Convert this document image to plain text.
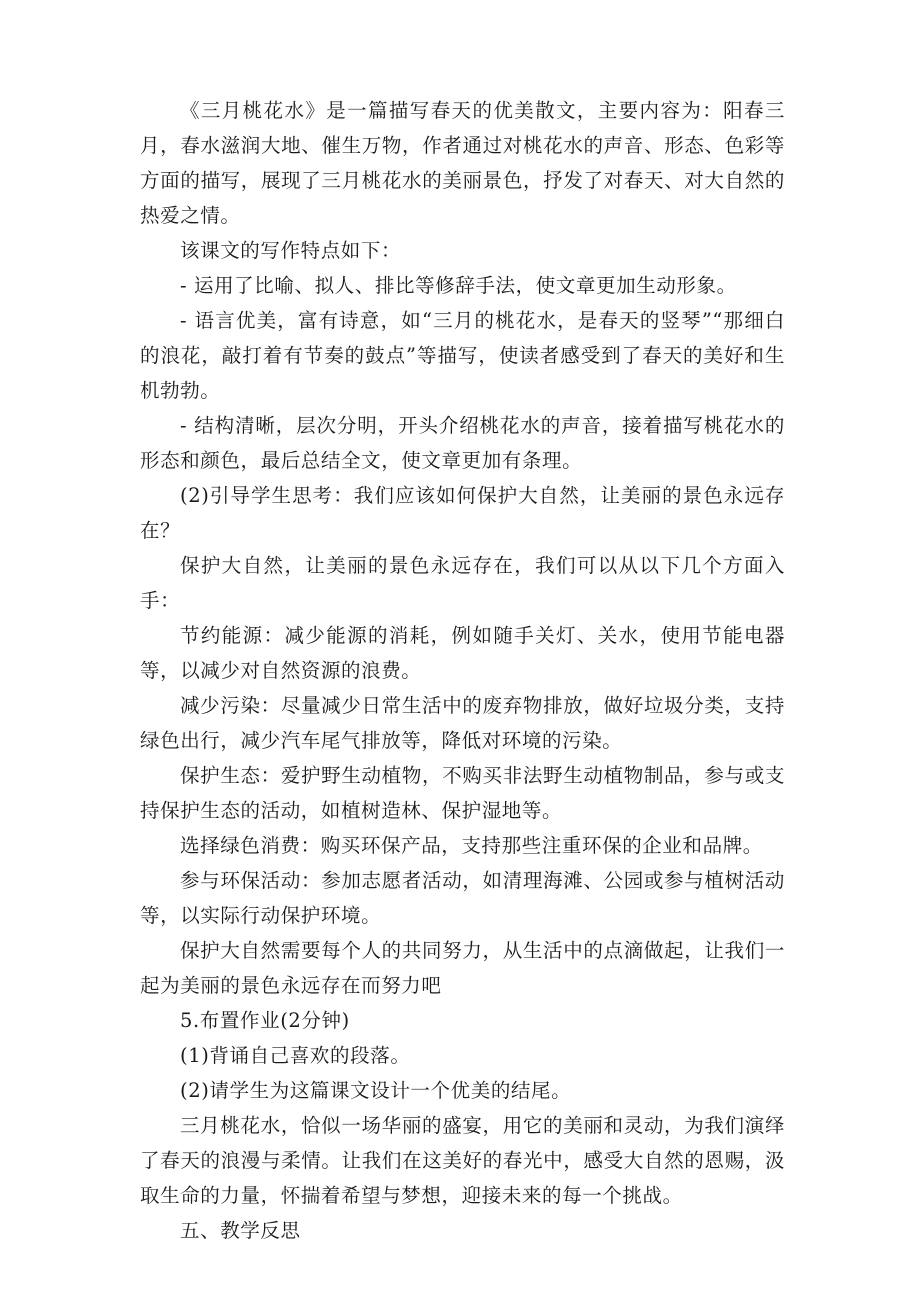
《三月桃花水》是一篇描写春天的优美散文，主要内容为：阳春三月，春水滋润大地、催生万物，作者通过对桃花水的声音、形态、色彩等方面的描写，展现了三月桃花水的美丽景色，抒发了对春天、对大自然的热爱之情。

该课文的写作特点如下：

- 运用了比喻、拟人、排比等修辞手法，使文章更加生动形象。

- 语言优美，富有诗意，如“三月的桃花水，是春天的竖琴”“那细白的浪花，敲打着有节奏的鼓点”等描写，使读者感受到了春天的美好和生机勃勃。

- 结构清晰，层次分明，开头介绍桃花水的声音，接着描写桃花水的形态和颜色，最后总结全文，使文章更加有条理。

(2)引导学生思考：我们应该如何保护大自然，让美丽的景色永远存在？

保护大自然，让美丽的景色永远存在，我们可以从以下几个方面入手：

节约能源：减少能源的消耗，例如随手关灯、关水，使用节能电器等，以减少对自然资源的浪费。

减少污染：尽量减少日常生活中的废弃物排放，做好垃圾分类，支持绿色出行，减少汽车尾气排放等，降低对环境的污染。

保护生态：爱护野生动植物，不购买非法野生动植物制品，参与或支持保护生态的活动，如植树造林、保护湿地等。

选择绿色消费：购买环保产品，支持那些注重环保的企业和品牌。

参与环保活动：参加志愿者活动，如清理海滩、公园或参与植树活动等，以实际行动保护环境。

保护大自然需要每个人的共同努力，从生活中的点滴做起，让我们一起为美丽的景色永远存在而努力吧

5.布置作业(2分钟)

(1)背诵自己喜欢的段落。

(2)请学生为这篇课文设计一个优美的结尾。

三月桃花水，恰似一场华丽的盛宴，用它的美丽和灵动，为我们演绎了春天的浪漫与柔情。让我们在这美好的春光中，感受大自然的恩赐，汲取生命的力量，怀揣着希望与梦想，迎接未来的每一个挑战。

五、教学反思
